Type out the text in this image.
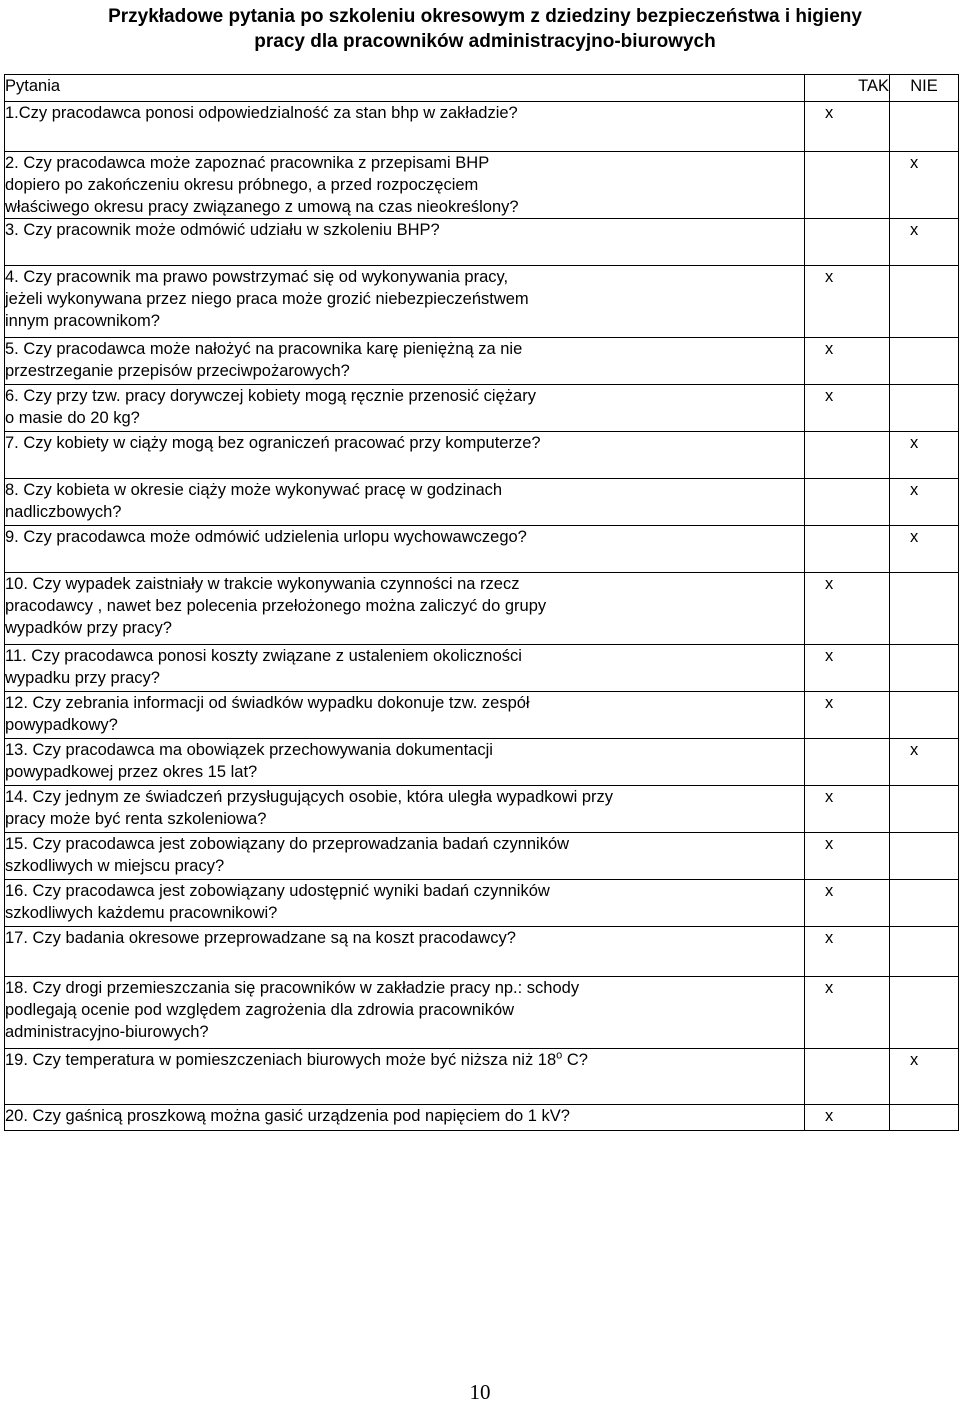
Przykładowe pytania po szkoleniu okresowym z dziedziny bezpieczeństwa i higieny
pracy dla pracowników administracyjno-biurowych
Pytania	TAK	NIE

1.Czy pracodawca ponosi odpowiedzialność za stan bhp w zakładzie?	x	

2. Czy pracodawca może zapoznać pracownika z przepisami BHP
dopiero po zakończeniu okresu próbnego, a przed rozpoczęciem
właściwego okresu pracy związanego z umową na czas nieokreślony?		x

3. Czy pracownik może odmówić udziału w szkoleniu BHP?		x

4. Czy pracownik ma prawo powstrzymać się od wykonywania pracy,
jeżeli wykonywana przez niego praca może grozić niebezpieczeństwem
innym pracownikom?	x	

5. Czy pracodawca może nałożyć na pracownika karę pieniężną za nie
przestrzeganie przepisów przeciwpożarowych?	x	

6. Czy przy tzw. pracy dorywczej kobiety mogą ręcznie przenosić ciężary
o masie do 20 kg?	x	

7. Czy kobiety w ciąży mogą bez ograniczeń pracować przy komputerze?		x

8. Czy kobieta w okresie ciąży może wykonywać pracę w godzinach
nadliczbowych?		x

9. Czy pracodawca może odmówić udzielenia urlopu wychowawczego?		x

10. Czy wypadek zaistniały w trakcie wykonywania czynności na rzecz
pracodawcy , nawet bez polecenia przełożonego można zaliczyć do grupy
wypadków przy pracy?	x	

11. Czy pracodawca ponosi koszty związane z ustaleniem okoliczności
wypadku przy pracy?	x	

12. Czy zebrania informacji od świadków wypadku dokonuje tzw. zespół
powypadkowy?	x	

13. Czy pracodawca ma obowiązek przechowywania dokumentacji
powypadkowej przez okres 15 lat?		x

14. Czy jednym ze świadczeń przysługujących osobie, która uległa wypadkowi przy
pracy może być renta szkoleniowa?	x	

15. Czy pracodawca jest zobowiązany do przeprowadzania badań czynników
szkodliwych w miejscu pracy?	x	

16. Czy pracodawca jest zobowiązany udostępnić wyniki badań czynników
szkodliwych każdemu pracownikowi?	x	

17. Czy badania okresowe przeprowadzane są na koszt pracodawcy?	x	

18. Czy drogi przemieszczania się pracowników w zakładzie pracy np.: schody
podlegają ocenie pod względem zagrożenia dla zdrowia pracowników
administracyjno-biurowych?	x	

19. Czy temperatura w pomieszczeniach biurowych może być niższa niż 18$^o$ C?		x

20. Czy gaśnicą proszkową można gasić urządzenia pod napięciem do 1 kV?	x	
10
